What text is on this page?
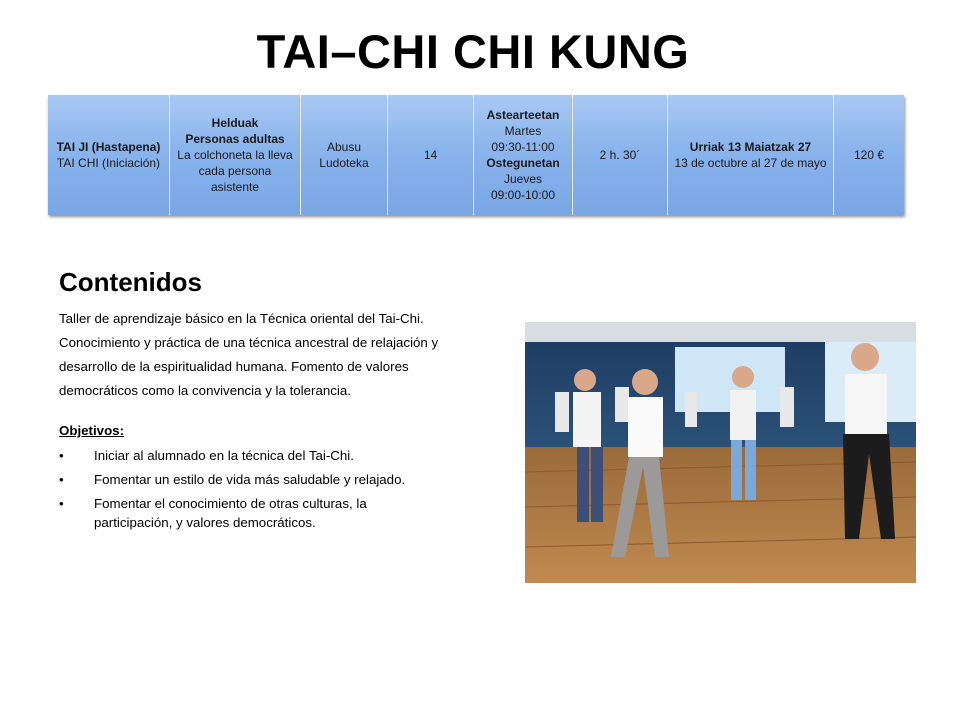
TAI–CHI CHI KUNG
TAI JI (Hastapena)
TAI CHI (Iniciación)
Helduak
Personas adultas
La colchoneta la lleva cada persona asistente
Abusu Ludoteka
14
Astearteetan
Martes
09:30-11:00
Ostegunetan
Jueves
09:00-10:00
2 h. 30´
Urriak 13 Maiatzak 27
13 de octubre al 27 de mayo
120 €
Contenidos

Taller de aprendizaje básico en la Técnica oriental del Tai-Chi.

Conocimiento y práctica de una técnica ancestral de relajación y

desarrollo de la espiritualidad humana. Fomento de valores

democráticos como la convivencia y la tolerancia.

Objetivos:
• Iniciar al alumnado en la técnica del Tai-Chi.
• Fomentar un estilo de vida más saludable y relajado.
• Fomentar el conocimiento de otras culturas, la participación, y valores democráticos.
